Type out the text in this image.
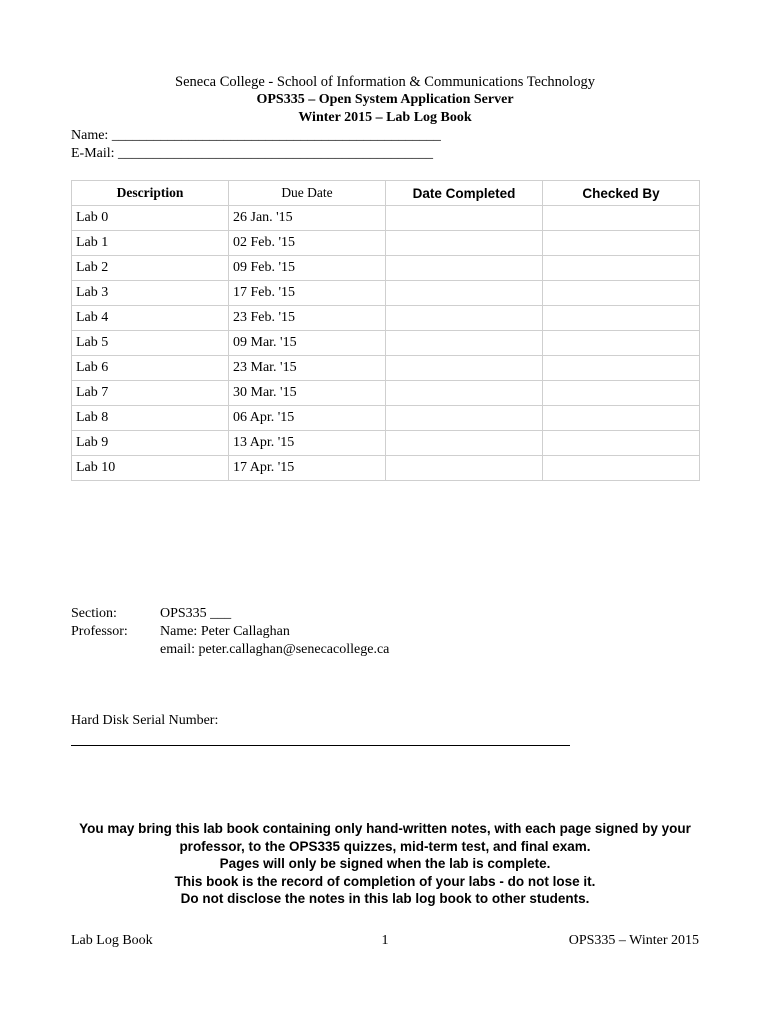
Seneca College - School of Information & Communications Technology
OPS335 – Open System Application Server
Winter 2015 – Lab Log Book
Name: _______________________________________________
E-Mail: _____________________________________________
Description	Due Date	Date Completed	Checked By
Lab 0	26 Jan. '15		
Lab 1	02 Feb. '15		
Lab 2	09 Feb. '15		
Lab 3	17 Feb. '15		
Lab 4	23 Feb. '15		
Lab 5	09 Mar. '15		
Lab 6	23 Mar. '15		
Lab 7	30 Mar. '15		
Lab 8	06 Apr. '15		
Lab 9	13 Apr. '15		
Lab 10	17 Apr. '15		
Section:	OPS335 ___
Professor:	Name: Peter Callaghan
email: peter.callaghan@senecacollege.ca
Hard Disk Serial Number:
You may bring this lab book containing only hand-written notes, with each page signed by your
professor, to the OPS335 quizzes, mid-term test, and final exam.
Pages will only be signed when the lab is complete.
This book is the record of completion of your labs - do not lose it.
Do not disclose the notes in this lab log book to other students.
Lab Log Book	1	OPS335 – Winter 2015
